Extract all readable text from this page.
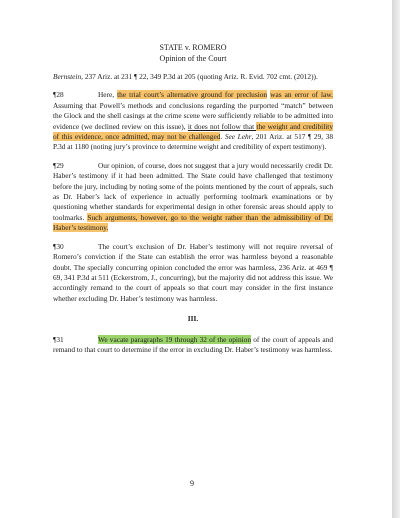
STATE v. ROMERO
Opinion of the Court

Bernstein, 237 Ariz. at 231 ¶ 22, 349 P.3d at 205 (quoting Ariz. R. Evid. 702 cmt. (2012)).

¶28	Here, the trial court’s alternative ground for preclusion was an error of law. Assuming that Powell’s methods and conclusions regarding the purported “match” between the Glock and the shell casings at the crime scene were sufficiently reliable to be admitted into evidence (we declined review on this issue), it does not follow that the weight and credibility of this evidence, once admitted, may not be challenged. See Lehr, 201 Ariz. at 517 ¶ 29, 38 P.3d at 1180 (noting jury’s province to determine weight and credibility of expert testimony).

¶29	Our opinion, of course, does not suggest that a jury would necessarily credit Dr. Haber’s testimony if it had been admitted. The State could have challenged that testimony before the jury, including by noting some of the points mentioned by the court of appeals, such as Dr. Haber’s lack of experience in actually performing toolmark examinations or by questioning whether standards for experimental design in other forensic areas should apply to toolmarks. Such arguments, however, go to the weight rather than the admissibility of Dr. Haber’s testimony.

¶30	The court’s exclusion of Dr. Haber’s testimony will not require reversal of Romero’s conviction if the State can establish the error was harmless beyond a reasonable doubt. The specially concurring opinion concluded the error was harmless, 236 Ariz. at 469 ¶ 69, 341 P.3d at 511 (Eckerstrom, J., concurring), but the majority did not address this issue. We accordingly remand to the court of appeals so that court may consider in the first instance whether excluding Dr. Haber’s testimony was harmless.

III.

¶31	We vacate paragraphs 19 through 32 of the opinion of the court of appeals and remand to that court to determine if the error in excluding Dr. Haber’s testimony was harmless.

9
